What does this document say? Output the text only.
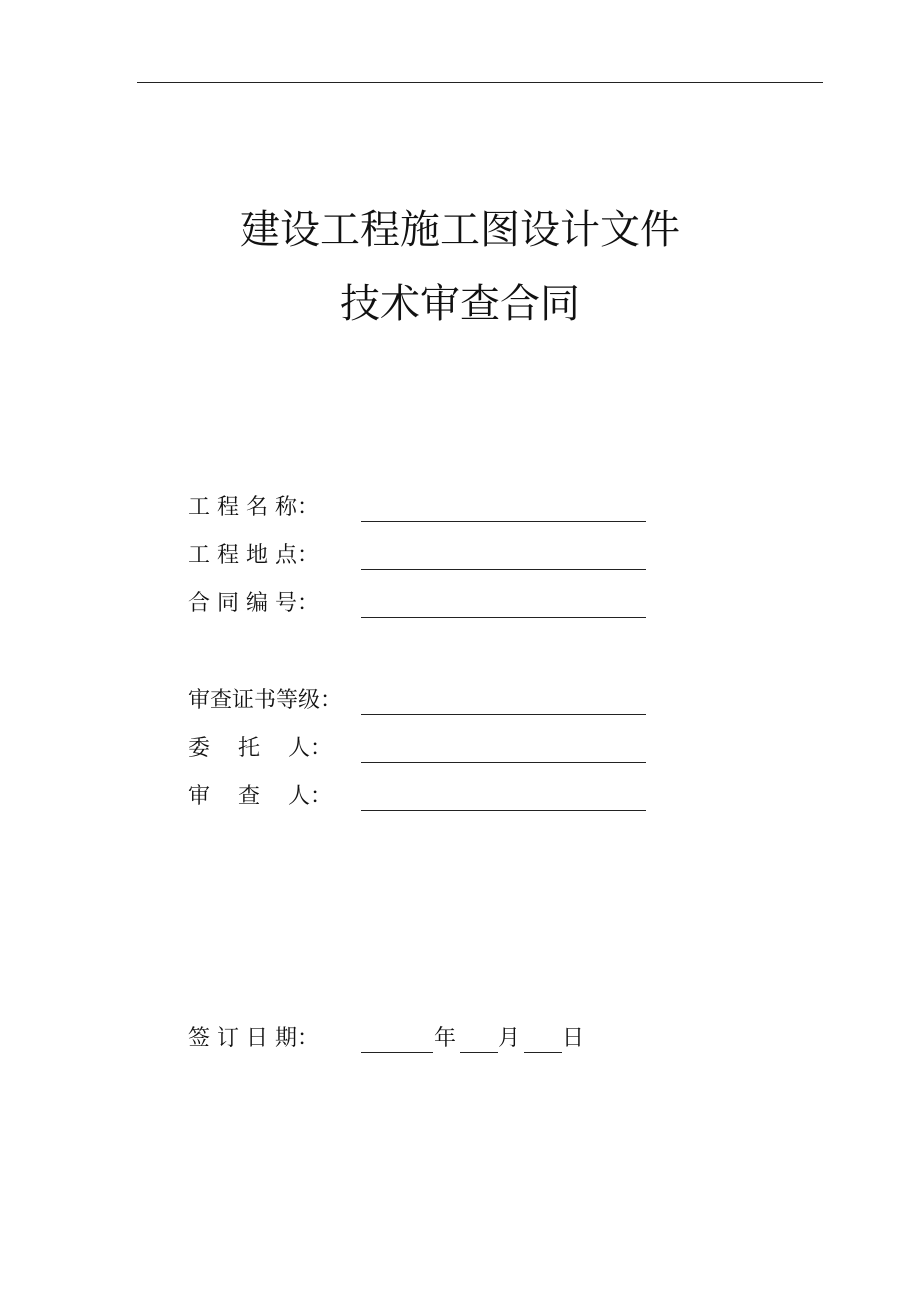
建设工程施工图设计文件
技术审查合同
工 程 名 称：
工 程 地 点：
合 同 编 号：
审查证书等级：
委    托    人：
审    查    人：
签 订 日 期：	年 月 日
